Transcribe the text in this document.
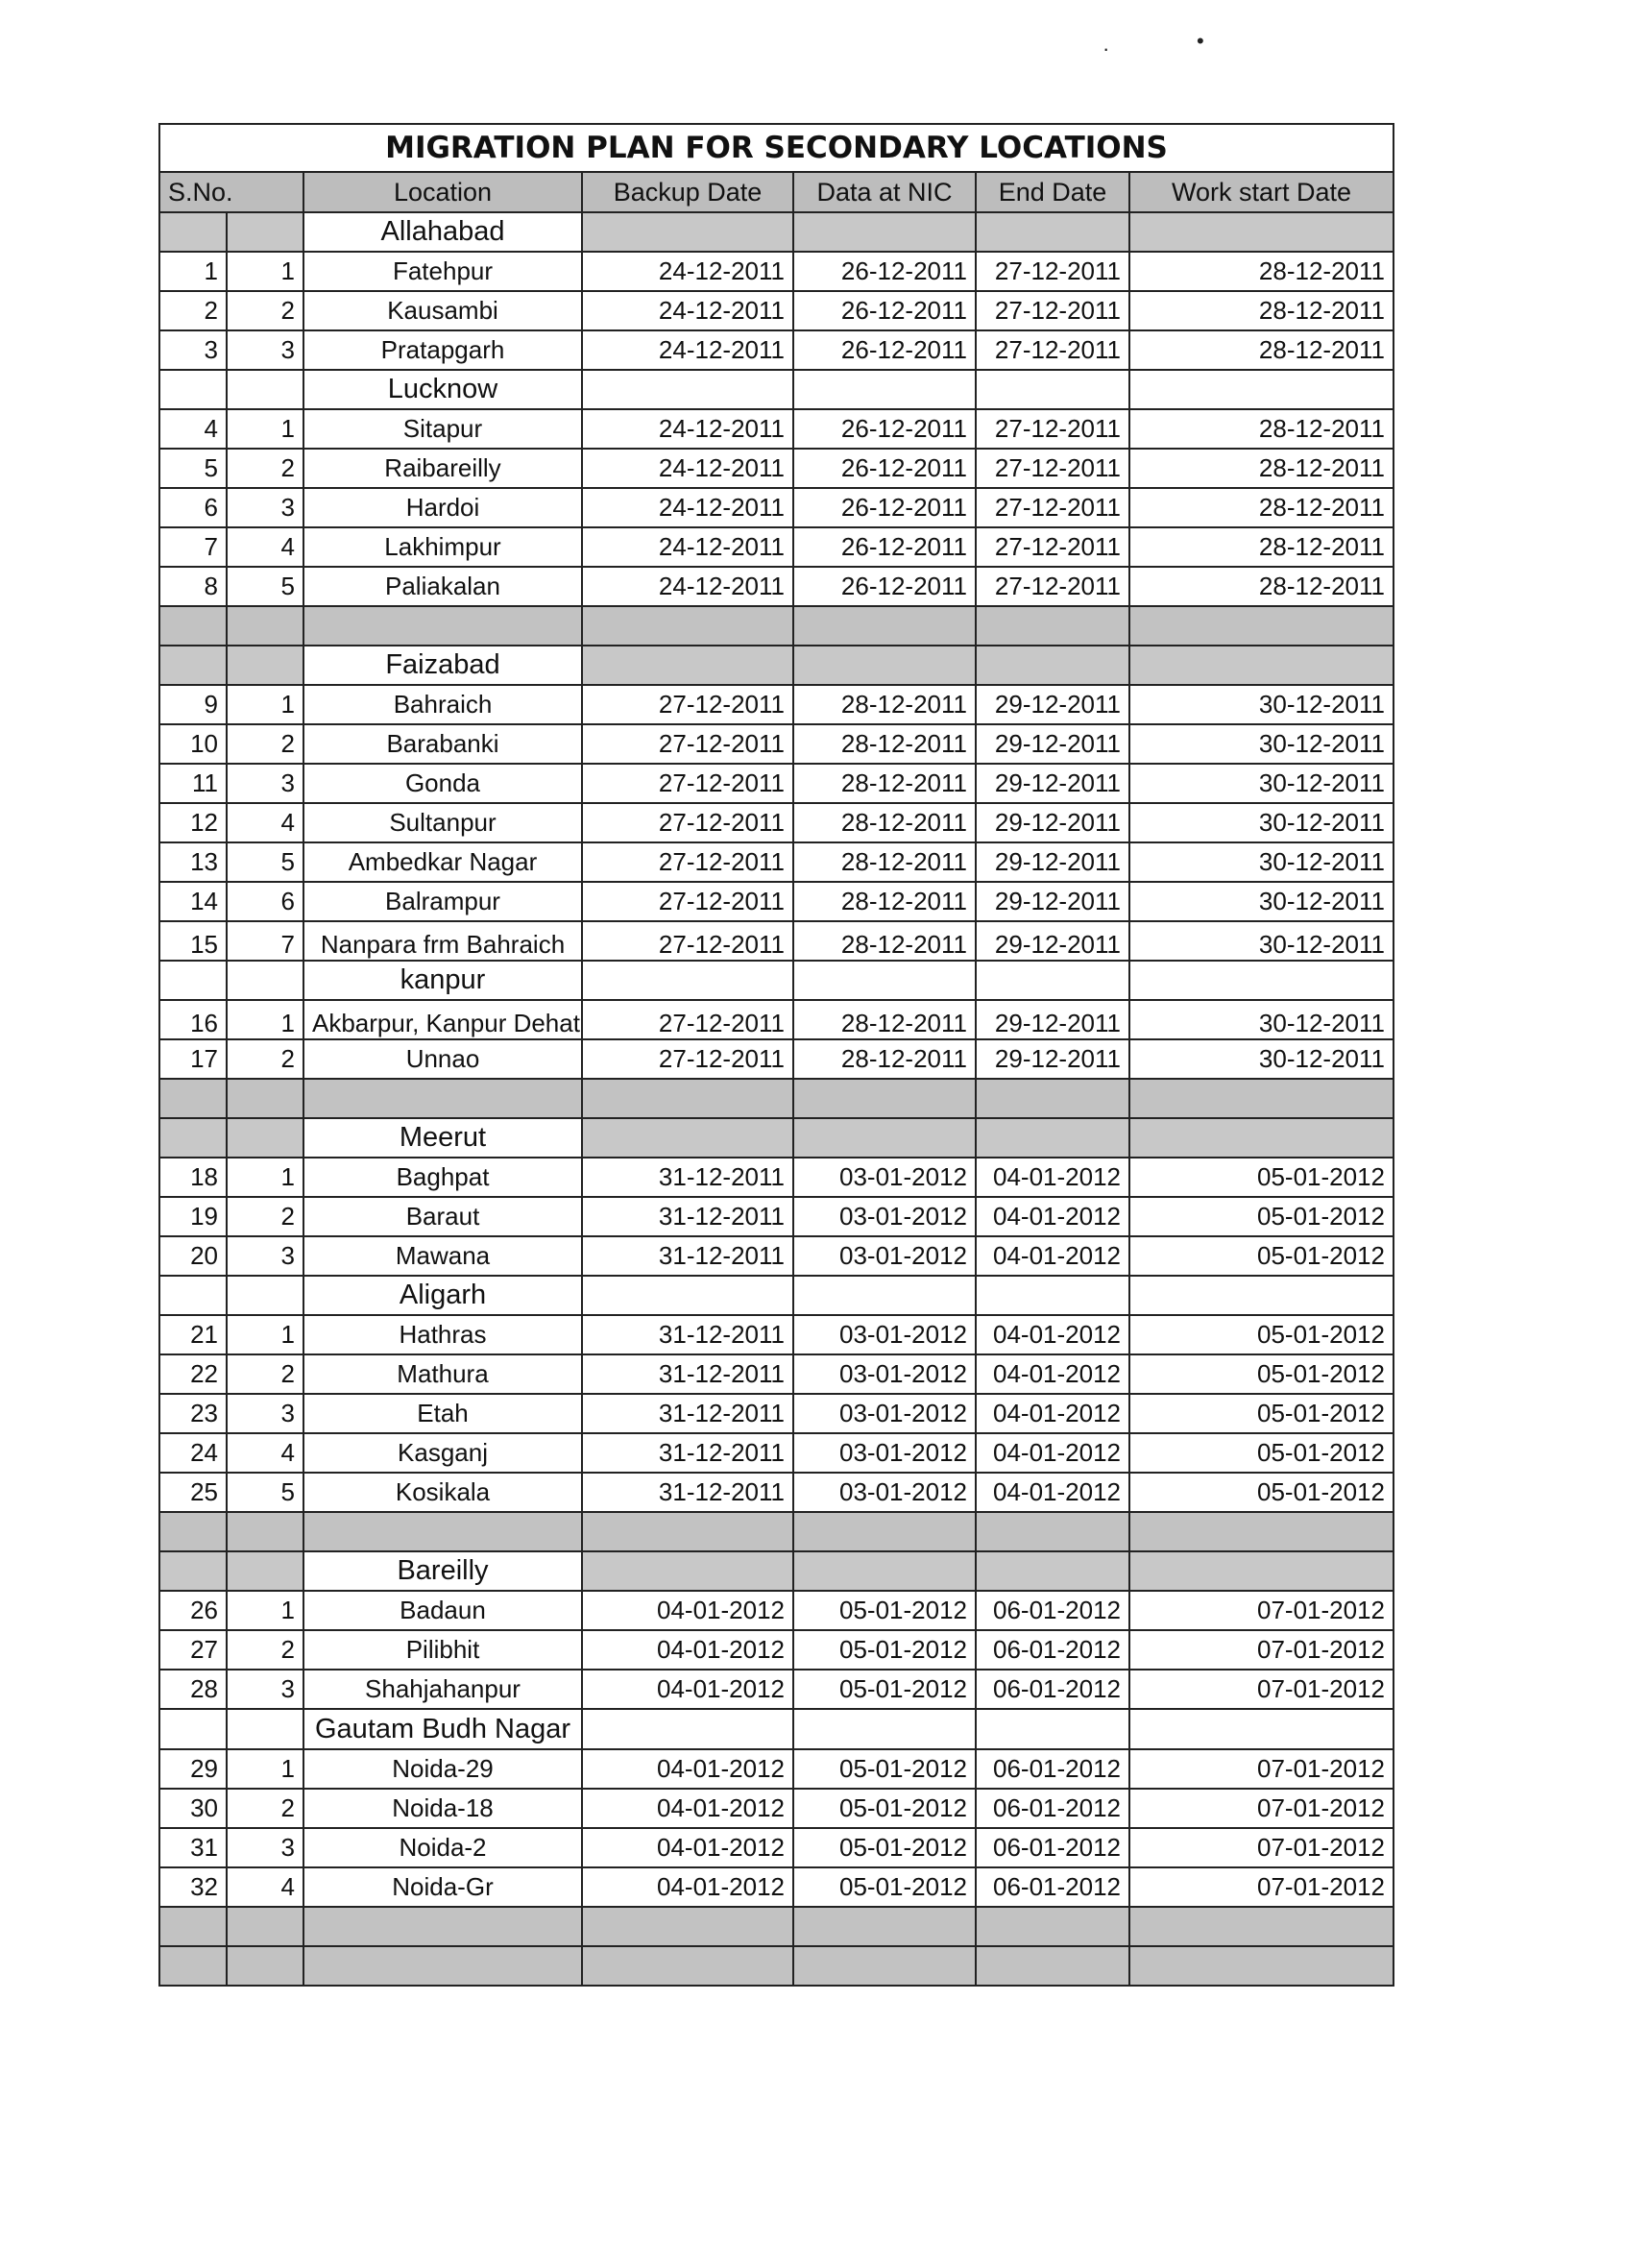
MIGRATION PLAN FOR SECONDARY LOCATIONS						
S.No.		Location	Backup Date	Data at NIC	End Date	Work start Date
		Allahabad				
1	1	Fatehpur	24-12-2011	26-12-2011	27-12-2011	28-12-2011
2	2	Kausambi	24-12-2011	26-12-2011	27-12-2011	28-12-2011
3	3	Pratapgarh	24-12-2011	26-12-2011	27-12-2011	28-12-2011
		Lucknow				
4	1	Sitapur	24-12-2011	26-12-2011	27-12-2011	28-12-2011
5	2	Raibareilly	24-12-2011	26-12-2011	27-12-2011	28-12-2011
6	3	Hardoi	24-12-2011	26-12-2011	27-12-2011	28-12-2011
7	4	Lakhimpur	24-12-2011	26-12-2011	27-12-2011	28-12-2011
8	5	Paliakalan	24-12-2011	26-12-2011	27-12-2011	28-12-2011

		Faizabad				
9	1	Bahraich	27-12-2011	28-12-2011	29-12-2011	30-12-2011
10	2	Barabanki	27-12-2011	28-12-2011	29-12-2011	30-12-2011
11	3	Gonda	27-12-2011	28-12-2011	29-12-2011	30-12-2011
12	4	Sultanpur	27-12-2011	28-12-2011	29-12-2011	30-12-2011
13	5	Ambedkar Nagar	27-12-2011	28-12-2011	29-12-2011	30-12-2011
14	6	Balrampur	27-12-2011	28-12-2011	29-12-2011	30-12-2011
15	7	Nanpara frm Bahraich	27-12-2011	28-12-2011	29-12-2011	30-12-2011
		kanpur				
16	1	Akbarpur, Kanpur Dehat	27-12-2011	28-12-2011	29-12-2011	30-12-2011
17	2	Unnao	27-12-2011	28-12-2011	29-12-2011	30-12-2011

		Meerut				
18	1	Baghpat	31-12-2011	03-01-2012	04-01-2012	05-01-2012
19	2	Baraut	31-12-2011	03-01-2012	04-01-2012	05-01-2012
20	3	Mawana	31-12-2011	03-01-2012	04-01-2012	05-01-2012
		Aligarh				
21	1	Hathras	31-12-2011	03-01-2012	04-01-2012	05-01-2012
22	2	Mathura	31-12-2011	03-01-2012	04-01-2012	05-01-2012
23	3	Etah	31-12-2011	03-01-2012	04-01-2012	05-01-2012
24	4	Kasganj	31-12-2011	03-01-2012	04-01-2012	05-01-2012
25	5	Kosikala	31-12-2011	03-01-2012	04-01-2012	05-01-2012

		Bareilly				
26	1	Badaun	04-01-2012	05-01-2012	06-01-2012	07-01-2012
27	2	Pilibhit	04-01-2012	05-01-2012	06-01-2012	07-01-2012
28	3	Shahjahanpur	04-01-2012	05-01-2012	06-01-2012	07-01-2012
		Gautam Budh Nagar				
29	1	Noida-29	04-01-2012	05-01-2012	06-01-2012	07-01-2012
30	2	Noida-18	04-01-2012	05-01-2012	06-01-2012	07-01-2012
31	3	Noida-2	04-01-2012	05-01-2012	06-01-2012	07-01-2012
32	4	Noida-Gr	04-01-2012	05-01-2012	06-01-2012	07-01-2012

·	•
